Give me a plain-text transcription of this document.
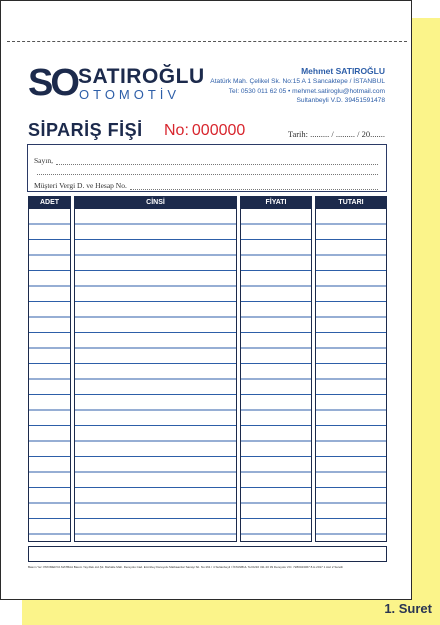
1. Suret
SO SATIROĞLU
OTOMOTİV
Mehmet SATIROĞLU
Atatürk Mah. Çelikel Sk. No:15 A 1 Sancaktepe / İSTANBUL
Tel: 0530 011 62 05 • mehmet.satiroglu@hotmail.com
Sultanbeyli V.D. 39451591478
SİPARİŞ FİŞİ No: 000000	Tarih: ......... / ......... / 20.......
Sayın,
Müşteri Vergi D. ve Hesap No.
ADET	CİNSİ	FİYATI	TUTARI
Basım Yer: PROMEDYA MATBAA Basım Yay.Rek.Ltd.Şti. Mahalle Mah. Dereyolu Cad. Eminbey Dereyolu Matbaacılar Sanayi Sit. No:161 / 4 Sultanbeyli / İSTANBUL Tel:0216 311 20 39 Dereyolu V.D. 7280023067 8.H.2017 1 Asıl 2 Suretli
